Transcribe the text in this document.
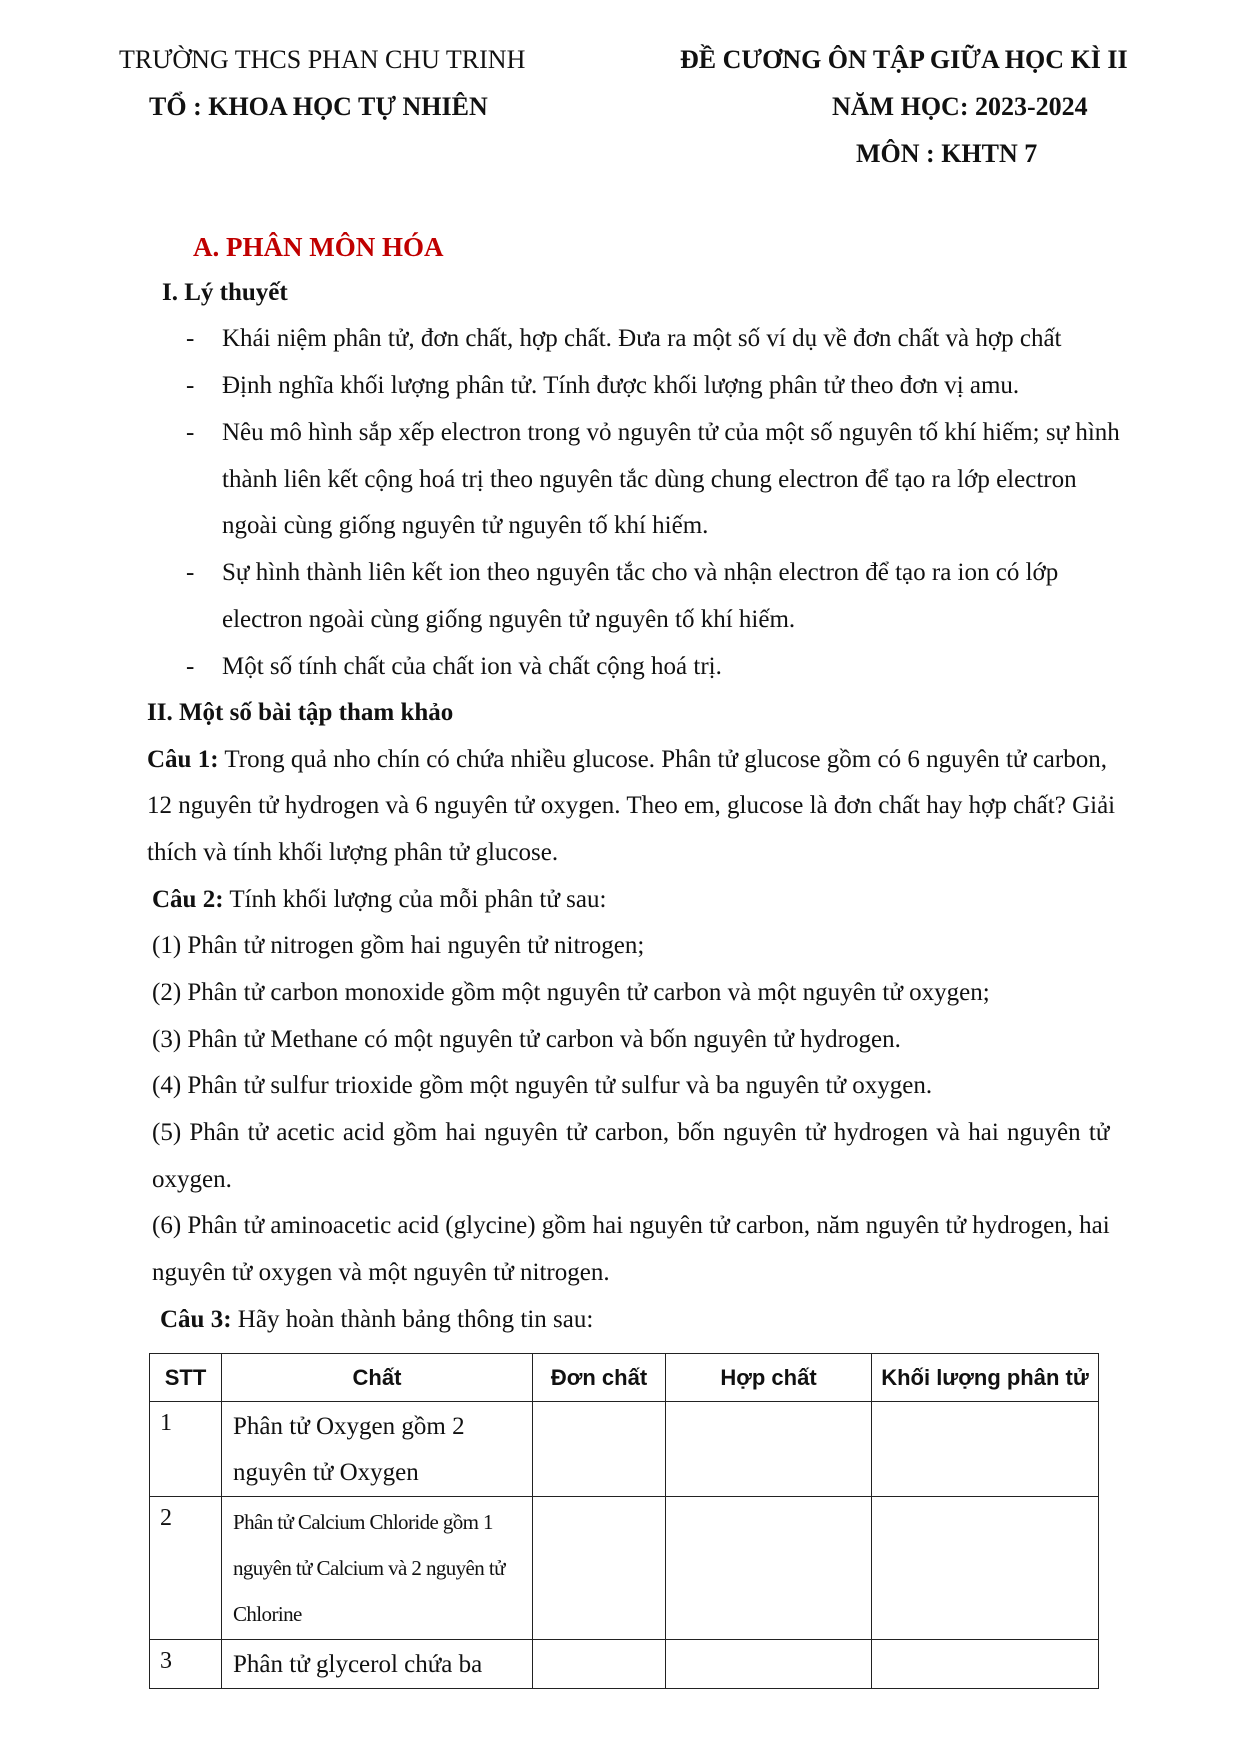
TRƯỜNG THCS PHAN CHU TRINH
TỔ : KHOA HỌC TỰ NHIÊN
ĐỀ CƯƠNG ÔN TẬP GIỮA HỌC KÌ II
NĂM HỌC: 2023-2024
MÔN : KHTN 7
A. PHÂN MÔN HÓA
I. Lý thuyết
- Khái niệm phân tử, đơn chất, hợp chất. Đưa ra một số ví dụ về đơn chất và hợp chất
- Định nghĩa khối lượng phân tử. Tính được khối lượng phân tử theo đơn vị amu.
- Nêu mô hình sắp xếp electron trong vỏ nguyên tử của một số nguyên tố khí hiếm; sự hình
thành liên kết cộng hoá trị theo nguyên tắc dùng chung electron để tạo ra lớp electron
ngoài cùng giống nguyên tử nguyên tố khí hiếm.
- Sự hình thành liên kết ion theo nguyên tắc cho và nhận electron để tạo ra ion có lớp
electron ngoài cùng giống nguyên tử nguyên tố khí hiếm.
- Một số tính chất của chất ion và chất cộng hoá trị.
II. Một số bài tập tham khảo
Câu 1: Trong quả nho chín có chứa nhiều glucose. Phân tử glucose gồm có 6 nguyên tử carbon,
12 nguyên tử hydrogen và 6 nguyên tử oxygen. Theo em, glucose là đơn chất hay hợp chất? Giải
thích và tính khối lượng phân tử glucose.
Câu 2: Tính khối lượng của mỗi phân tử sau:
(1) Phân tử nitrogen gồm hai nguyên tử nitrogen;
(2) Phân tử carbon monoxide gồm một nguyên tử carbon và một nguyên tử oxygen;
(3) Phân tử Methane có một nguyên tử carbon và bốn nguyên tử hydrogen.
(4) Phân tử sulfur trioxide gồm một nguyên tử sulfur và ba nguyên tử oxygen.
(5) Phân tử acetic acid gồm hai nguyên tử carbon, bốn nguyên tử hydrogen và hai nguyên tử
oxygen.
(6) Phân tử aminoacetic acid (glycine) gồm hai nguyên tử carbon, năm nguyên tử hydrogen, hai
nguyên tử oxygen và một nguyên tử nitrogen.
Câu 3: Hãy hoàn thành bảng thông tin sau:
STT	Chất	Đơn chất	Hợp chất	Khối lượng phân tử
1	Phân tử Oxygen gồm 2
nguyên tử Oxygen			

2	Phân tử Calcium Chloride gồm 1
nguyên tử Calcium và 2 nguyên tử
Chlorine			

3	Phân tử glycerol chứa ba			
